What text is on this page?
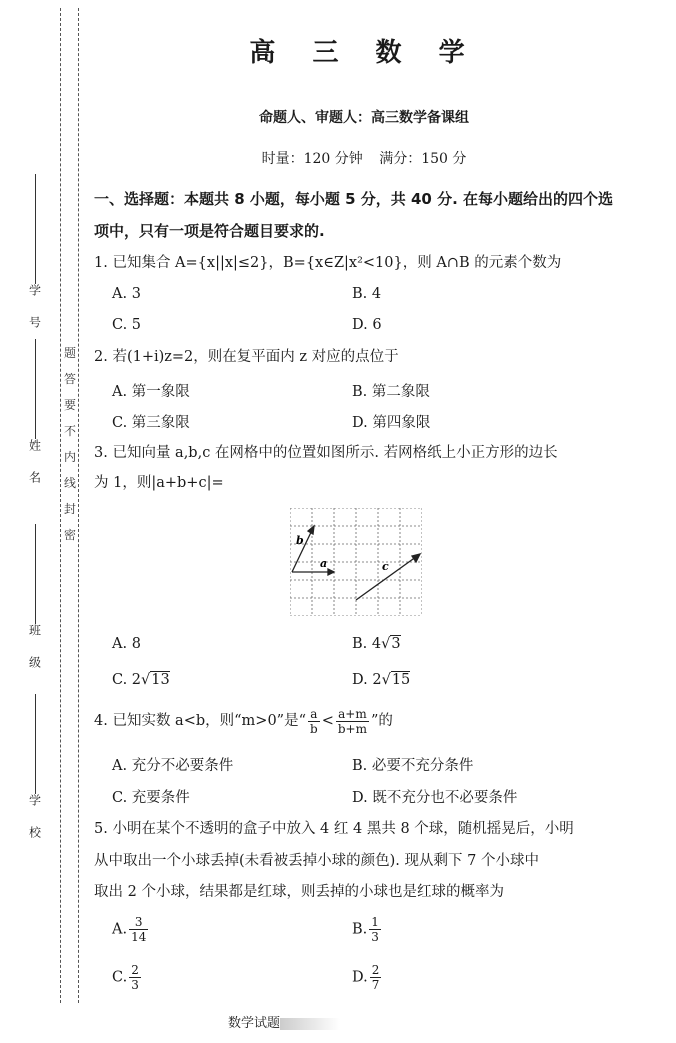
学 号
姓 名
班 级
学 校
题
答
要
不
内
线
封
密
高 三 数 学
命题人、审题人：高三数学备课组
时量：120 分钟 满分：150 分
一、选择题：本题共 8 小题，每小题 5 分，共 40 分. 在每小题给出的四个选
项中，只有一项是符合题目要求的.
1. 已知集合 A={x||x|≤2}，B={x∈Z|x²<10}，则 A∩B 的元素个数为
A. 3	B. 4
C. 5	D. 6
2. 若(1+i)z=2，则在复平面内 z 对应的点位于
A. 第一象限	B. 第二象限
C. 第三象限	D. 第四象限
3. 已知向量 a,b,c 在网格中的位置如图所示. 若网格纸上小正方形的边长
为 1，则|a+b+c|=
a
b
c
A. 8	B. 4√3
C. 2√13	D. 2√15
4. 已知实数 a<b，则“m>0”是“ $\frac{a}{b} < \frac{a+m}{b+m}$ ”的
A. 充分不必要条件	B. 必要不充分条件
C. 充要条件	D. 既不充分也不必要条件
5. 小明在某个不透明的盒子中放入 4 红 4 黑共 8 个球，随机摇晃后，小明
从中取出一个小球丢掉(未看被丢掉小球的颜色). 现从剩下 7 个小球中
取出 2 个小球，结果都是红球，则丢掉的小球也是红球的概率为
A. $\frac{3}{14}$	B. $\frac{1}{3}$
C. $\frac{2}{3}$	D. $\frac{2}{7}$
数学试题
